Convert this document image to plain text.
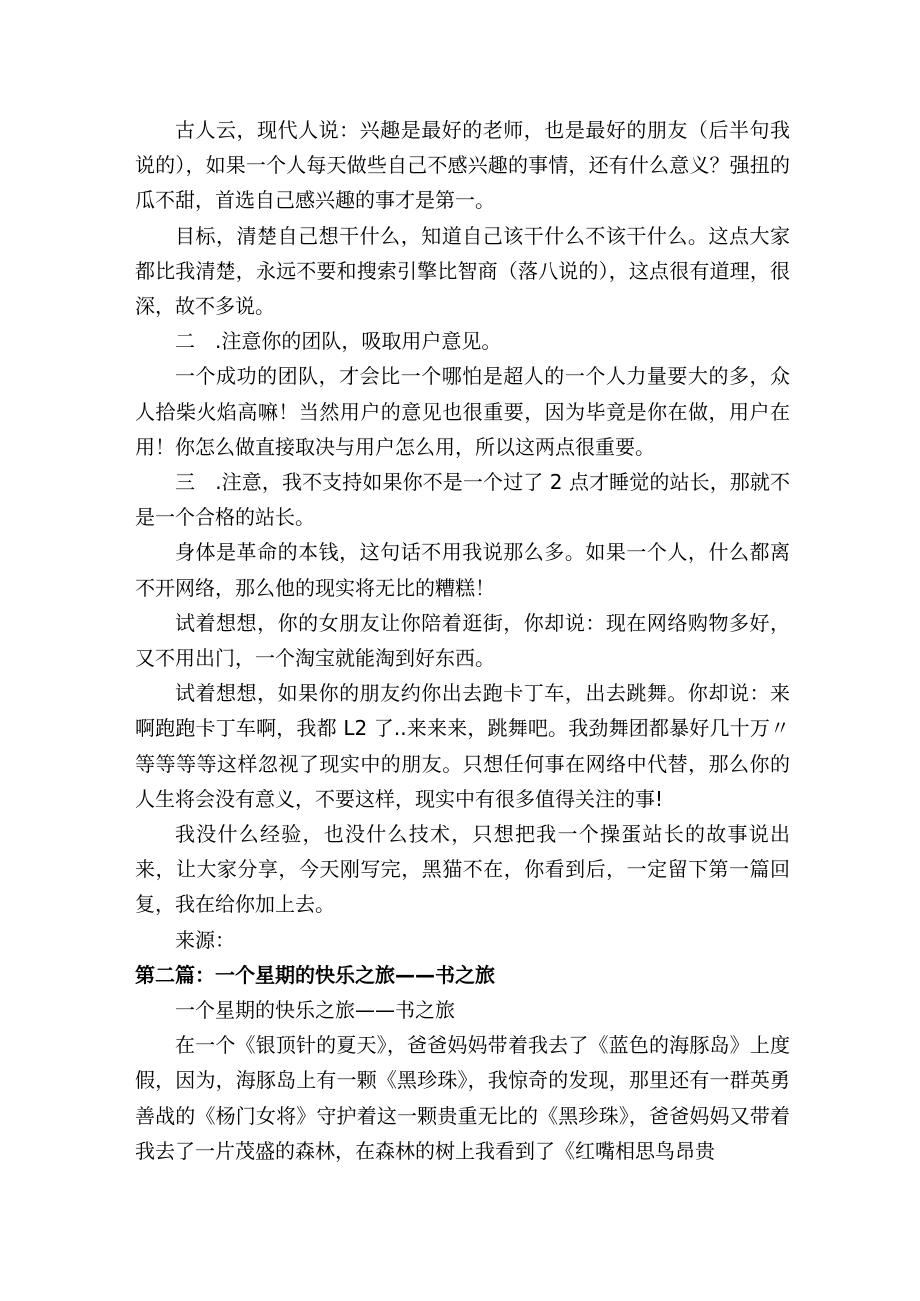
古人云，现代人说：兴趣是最好的老师，也是最好的朋友（后半句我说的），如果一个人每天做些自己不感兴趣的事情，还有什么意义？强扭的瓜不甜，首选自己感兴趣的事才是第一。

目标，清楚自己想干什么，知道自己该干什么不该干什么。这点大家都比我清楚，永远不要和搜索引擎比智商（落八说的），这点很有道理，很深，故不多说。

二　.注意你的团队，吸取用户意见。

一个成功的团队，才会比一个哪怕是超人的一个人力量要大的多，众人拾柴火焰高嘛！当然用户的意见也很重要，因为毕竟是你在做，用户在用！你怎么做直接取决与用户怎么用，所以这两点很重要。

三　.注意，我不支持如果你不是一个过了 2 点才睡觉的站长，那就不是一个合格的站长。

身体是革命的本钱，这句话不用我说那么多。如果一个人，什么都离不开网络，那么他的现实将无比的糟糕！

试着想想，你的女朋友让你陪着逛街，你却说：现在网络购物多好，又不用出门，一个淘宝就能淘到好东西。

试着想想，如果你的朋友约你出去跑卡丁车，出去跳舞。你却说：来啊跑跑卡丁车啊，我都 L2 了..来来来，跳舞吧。我劲舞团都暴好几十万〃等等等等这样忽视了现实中的朋友。只想任何事在网络中代替，那么你的人生将会没有意义，不要这样，现实中有很多值得关注的事!

我没什么经验，也没什么技术，只想把我一个操蛋站长的故事说出来，让大家分享，今天刚写完，黑猫不在，你看到后，一定留下第一篇回复，我在给你加上去。

来源：

第二篇：一个星期的快乐之旅——书之旅

一个星期的快乐之旅——书之旅

在一个《银顶针的夏天》，爸爸妈妈带着我去了《蓝色的海豚岛》上度假，因为，海豚岛上有一颗《黑珍珠》，我惊奇的发现，那里还有一群英勇善战的《杨门女将》守护着这一颗贵重无比的《黑珍珠》，爸爸妈妈又带着我去了一片茂盛的森林，在森林的树上我看到了《红嘴相思鸟昂贵
